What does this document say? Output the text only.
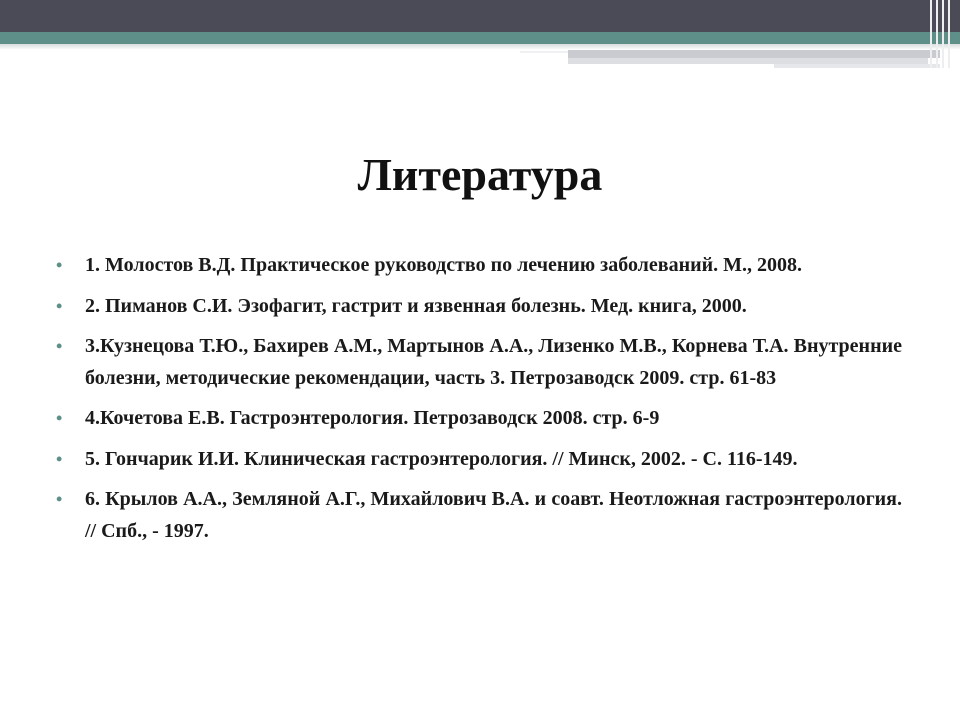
Литература
• 1. Молостов В.Д. Практическое руководство по лечению заболеваний. М., 2008.
• 2. Пиманов С.И. Эзофагит, гастрит и язвенная болезнь. Мед. книга, 2000.
• 3.Кузнецова Т.Ю., Бахирев А.М., Мартынов А.А., Лизенко М.В., Корнева Т.А. Внутренние болезни, методические рекомендации, часть 3. Петрозаводск 2009. стр. 61-83
• 4.Кочетова Е.В. Гастроэнтерология. Петрозаводск 2008. стр. 6-9
• 5. Гончарик И.И. Клиническая гастроэнтерология. // Минск, 2002. - С. 116-149.
• 6. Крылов А.А., Земляной А.Г., Михайлович В.А. и соавт. Неотложная гастроэнтерология. // Спб., - 1997.
